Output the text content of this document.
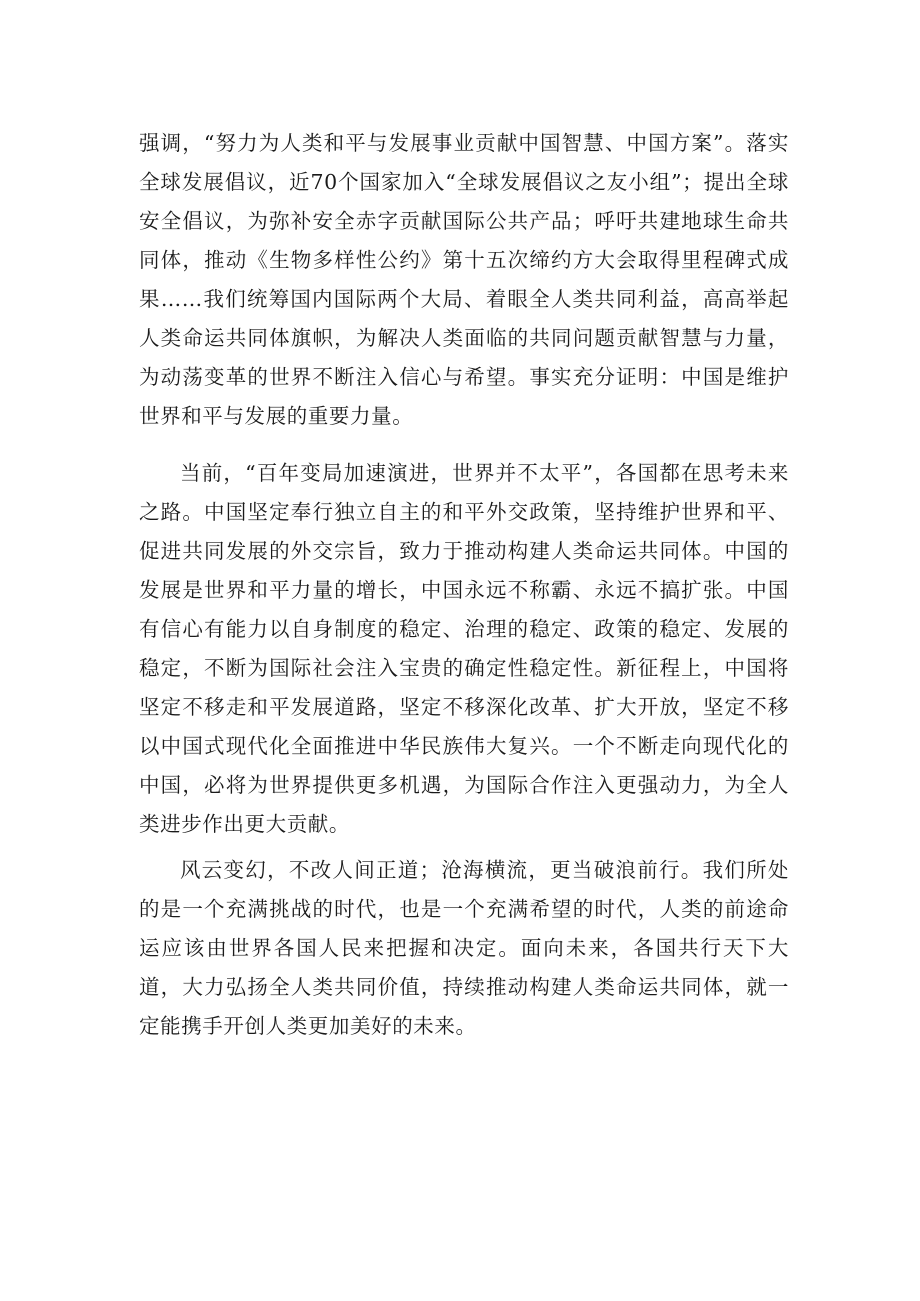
强调，“努力为人类和平与发展事业贡献中国智慧、中国方案”。落实全球发展倡议，近70个国家加入“全球发展倡议之友小组”；提出全球安全倡议，为弥补安全赤字贡献国际公共产品；呼吁共建地球生命共同体，推动《生物多样性公约》第十五次缔约方大会取得里程碑式成果……我们统筹国内国际两个大局、着眼全人类共同利益，高高举起人类命运共同体旗帜，为解决人类面临的共同问题贡献智慧与力量，为动荡变革的世界不断注入信心与希望。事实充分证明：中国是维护世界和平与发展的重要力量。

当前，“百年变局加速演进，世界并不太平”，各国都在思考未来之路。中国坚定奉行独立自主的和平外交政策，坚持维护世界和平、促进共同发展的外交宗旨，致力于推动构建人类命运共同体。中国的发展是世界和平力量的增长，中国永远不称霸、永远不搞扩张。中国有信心有能力以自身制度的稳定、治理的稳定、政策的稳定、发展的稳定，不断为国际社会注入宝贵的确定性稳定性。新征程上，中国将坚定不移走和平发展道路，坚定不移深化改革、扩大开放，坚定不移以中国式现代化全面推进中华民族伟大复兴。一个不断走向现代化的中国，必将为世界提供更多机遇，为国际合作注入更强动力，为全人类进步作出更大贡献。

风云变幻，不改人间正道；沧海横流，更当破浪前行。我们所处的是一个充满挑战的时代，也是一个充满希望的时代，人类的前途命运应该由世界各国人民来把握和决定。面向未来，各国共行天下大道，大力弘扬全人类共同价值，持续推动构建人类命运共同体，就一定能携手开创人类更加美好的未来。
